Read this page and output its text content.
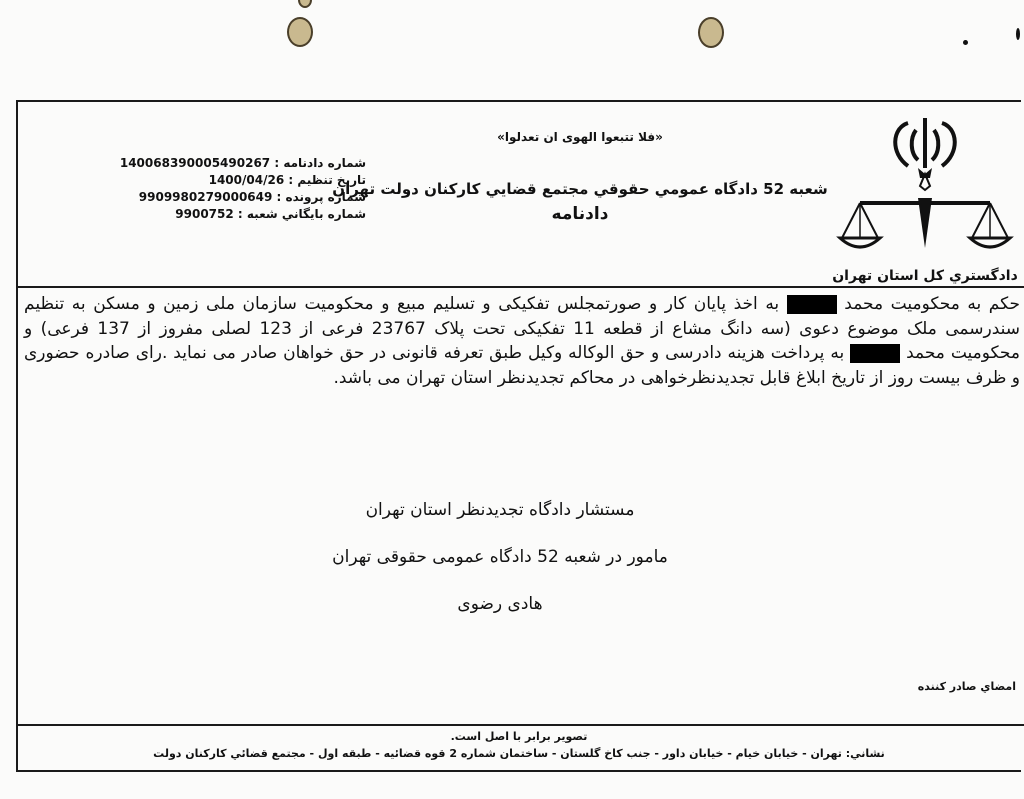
دادگستري كل استان تهران
«فلا تتبعوا الهوى ان تعدلوا»
شعبه 52 دادگاه عمومي حقوقي مجتمع قضايي كاركنان دولت تهران
دادنامه
شماره دادنامه : 140068390005490267
تاريخ تنظيم : 1400/04/26
شماره پرونده : 9909980279000649
شماره بايگاني شعبه : 9900752
حکم به محکومیت محمد  به اخذ پایان کار و صورتمجلس تفکیکی و تسلیم مبیع و محکومیت سازمان ملی زمین و مسکن به تنظیم سندرسمی ملک موضوع دعوی (سه دانگ مشاع از قطعه 11 تفکیکی تحت پلاک 23767 فرعی از 123 لصلی مفروز از 137 فرعی) و محکومیت محمد  به پرداخت هزینه دادرسی و حق الوکاله وکیل طبق تعرفه قانونی در حق خواهان صادر می نماید .رای صادره حضوری و ظرف بیست روز از تاریخ ابلاغ قابل تجدیدنظرخواهی در محاکم تجدیدنظر استان تهران می باشد.
مستشار دادگاه تجدیدنظر استان تهران
مامور در شعبه 52 دادگاه عمومی حقوقی تهران
هادی رضوی
امضاي صادر كننده
تصوير برابر با اصل است.
نشاني: تهران - خيابان خيام - خيابان داور - جنب كاخ گلستان - ساختمان شماره 2 قوه قضائيه - طبقه اول - مجتمع قضائي كاركنان دولت
